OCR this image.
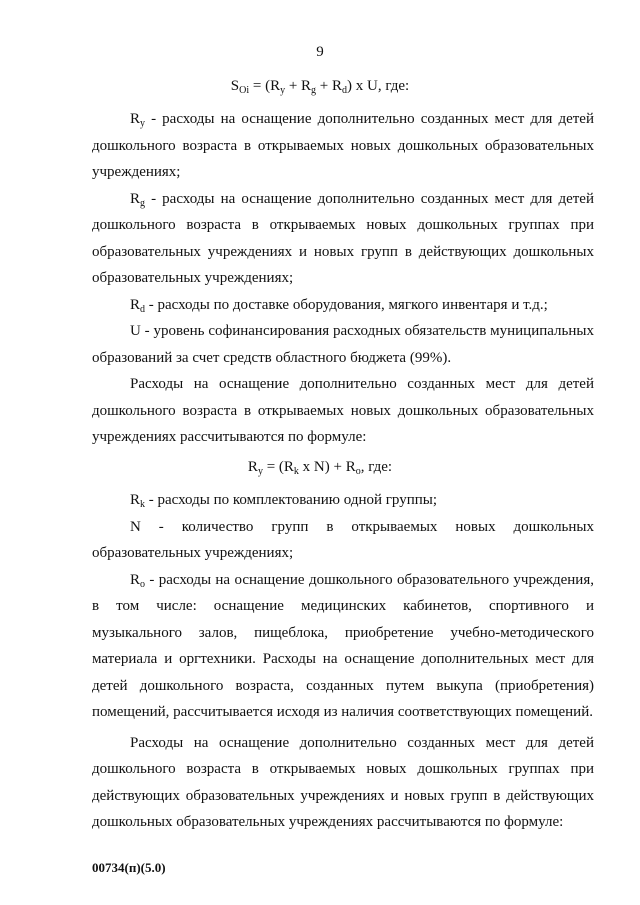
9
$S_{Oi} = (R_y + R_g + R_d)$ x U, где:

$R_y$ - расходы на оснащение дополнительно созданных мест для детей дошкольного возраста в открываемых новых дошкольных образовательных учреждениях;

$R_g$ - расходы на оснащение дополнительно созданных мест для детей дошкольного возраста в открываемых новых дошкольных группах при образовательных учреждениях и новых групп в действующих дошкольных образовательных учреждениях;

$R_d$ - расходы по доставке оборудования, мягкого инвентаря и т.д.;

U - уровень софинансирования расходных обязательств муниципальных образований за счет средств областного бюджета (99%).

Расходы на оснащение дополнительно созданных мест для детей дошкольного возраста в открываемых новых дошкольных образовательных учреждениях рассчитываются по формуле:

$R_y = (R_k$ x $N) + R_o$, где:

$R_k$ - расходы по комплектованию одной группы;

N - количество групп в открываемых новых дошкольных образовательных учреждениях;

$R_o$ - расходы на оснащение дошкольного образовательного учреждения, в том числе: оснащение медицинских кабинетов, спортивного и музыкального залов, пищеблока, приобретение учебно-методического материала и оргтехники. Расходы на оснащение дополнительных мест для детей дошкольного возраста, созданных путем выкупа (приобретения) помещений, рассчитывается исходя из наличия соответствующих помещений.

Расходы на оснащение дополнительно созданных мест для детей дошкольного возраста в открываемых новых дошкольных группах при действующих образовательных учреждениях и новых групп в действующих дошкольных образовательных учреждениях рассчитываются по формуле:

00734(п)(5.0)
